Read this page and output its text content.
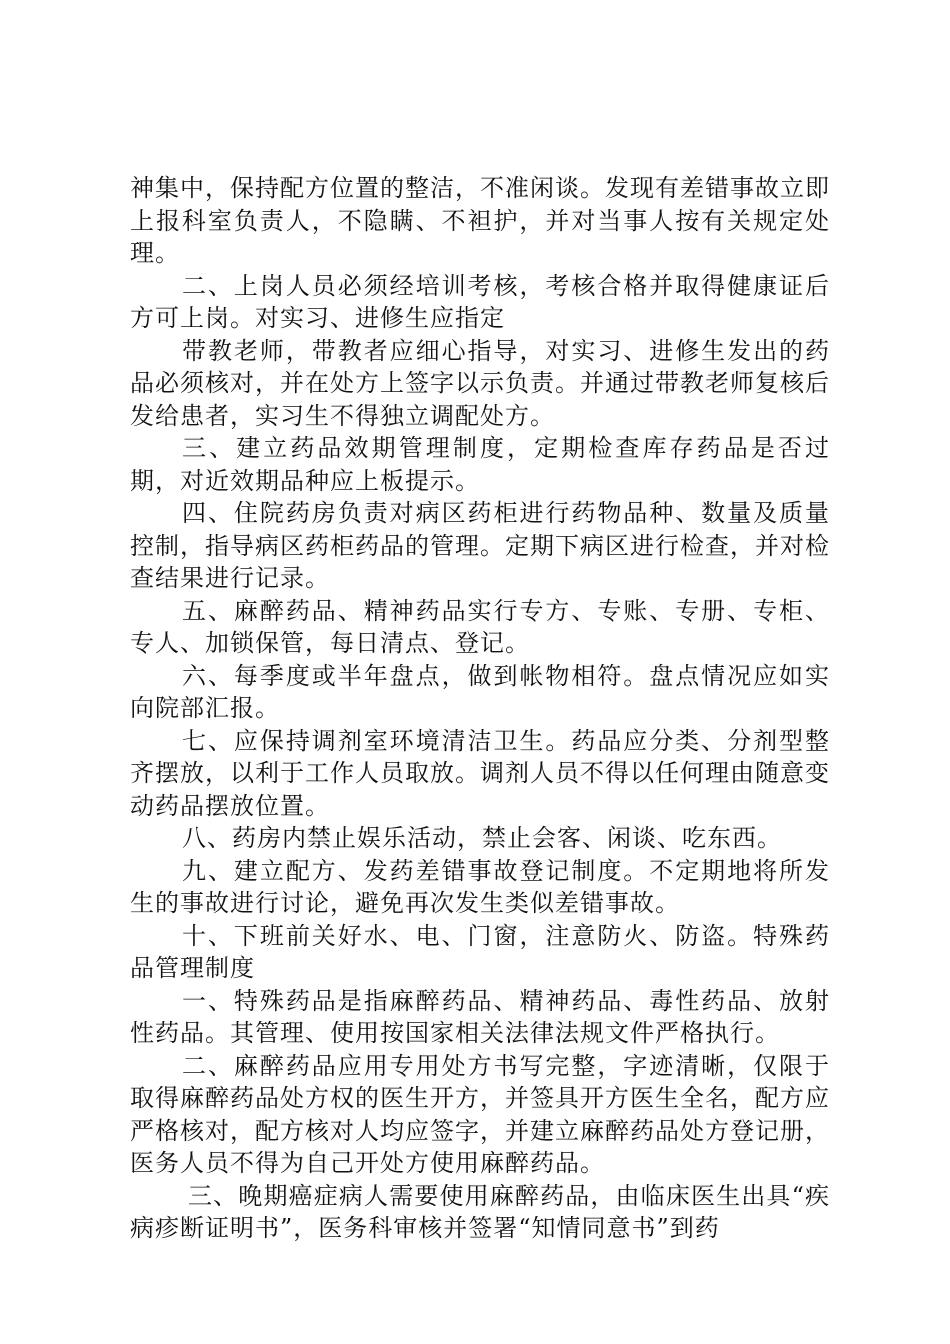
神集中，保持配方位置的整洁，不准闲谈。发现有差错事故立即上报科室负责人，不隐瞒、不袒护，并对当事人按有关规定处理。

二、上岗人员必须经培训考核，考核合格并取得健康证后方可上岗。对实习、进修生应指定

带教老师，带教者应细心指导，对实习、进修生发出的药品必须核对，并在处方上签字以示负责。并通过带教老师复核后发给患者，实习生不得独立调配处方。

三、建立药品效期管理制度，定期检查库存药品是否过期，对近效期品种应上板提示。

四、住院药房负责对病区药柜进行药物品种、数量及质量控制，指导病区药柜药品的管理。定期下病区进行检查，并对检查结果进行记录。

五、麻醉药品、精神药品实行专方、专账、专册、专柜、专人、加锁保管，每日清点、登记。

六、每季度或半年盘点，做到帐物相符。盘点情况应如实向院部汇报。

七、应保持调剂室环境清洁卫生。药品应分类、分剂型整齐摆放，以利于工作人员取放。调剂人员不得以任何理由随意变动药品摆放位置。

八、药房内禁止娱乐活动，禁止会客、闲谈、吃东西。

九、建立配方、发药差错事故登记制度。不定期地将所发生的事故进行讨论，避免再次发生类似差错事故。

十、下班前关好水、电、门窗，注意防火、防盗。特殊药品管理制度

一、特殊药品是指麻醉药品、精神药品、毒性药品、放射性药品。其管理、使用按国家相关法律法规文件严格执行。

二、麻醉药品应用专用处方书写完整，字迹清晰，仅限于取得麻醉药品处方权的医生开方，并签具开方医生全名，配方应严格核对，配方核对人均应签字，并建立麻醉药品处方登记册，医务人员不得为自己开处方使用麻醉药品。

三、晚期癌症病人需要使用麻醉药品，由临床医生出具“疾病疹断证明书”，医务科审核并签署“知情同意书”到药
